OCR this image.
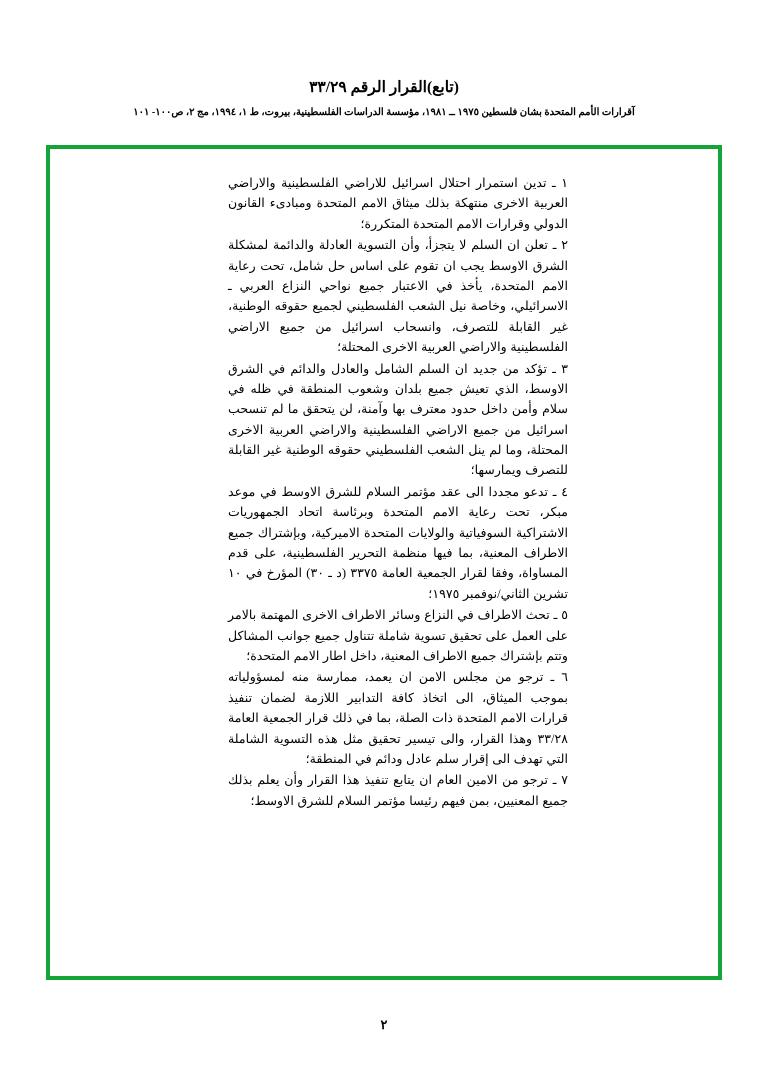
(تابع)القرار الرقم ٣٣/٢٩
آقرارات الأمم المتحدة بشان فلسطين ١٩٧٥ ــ ١٩٨١، مؤسسة الدراسات الفلسطينية، بيروت، ط ١، ١٩٩٤، مج ٢، ص١٠٠- ١٠١

١ ـ تدين استمرار احتلال اسرائيل للاراضي الفلسطينية والاراضي العربية الاخرى منتهكة بذلك ميثاق الامم المتحدة ومبادىء القانون الدولي وقرارات الامم المتحدة المتكررة؛

٢ ـ تعلن ان السلم لا يتجزأ، وأن التسوية العادلة والدائمة لمشكلة الشرق الاوسط يجب ان تقوم على اساس حل شامل، تحت رعاية الامم المتحدة، يأخذ في الاعتبار جميع نواحي النزاع العربي ـ الاسرائيلي، وخاصة نيل الشعب الفلسطيني لجميع حقوقه الوطنية، غير القابلة للتصرف، وانسحاب اسرائيل من جميع الاراضي الفلسطينية والاراضي العربية الاخرى المحتلة؛

٣ ـ تؤكد من جديد ان السلم الشامل والعادل والدائم في الشرق الاوسط، الذي تعيش جميع بلدان وشعوب المنطقة في ظله في سلام وأمن داخل حدود معترف بها وآمنة، لن يتحقق ما لم تنسحب اسرائيل من جميع الاراضي الفلسطينية والاراضي العربية الاخرى المحتلة، وما لم ينل الشعب الفلسطيني حقوقه الوطنية غير القابلة للتصرف ويمارسها؛

٤ ـ تدعو مجددا الى عقد مؤتمر السلام للشرق الاوسط في موعد مبكر، تحت رعاية الامم المتحدة وبرئاسة اتحاد الجمهوريات الاشتراكية السوفياتية والولايات المتحدة الاميركية، وبإشتراك جميع الاطراف المعنية، بما فيها منظمة التحرير الفلسطينية، على قدم المساواة، وفقا لقرار الجمعية العامة ٣٣٧٥ (د ـ ٣٠) المؤرخ في ١٠ تشرين الثاني/نوفمبر ١٩٧٥؛

٥ ـ تحث الاطراف في النزاع وسائر الاطراف الاخرى المهتمة بالامر على العمل على تحقيق تسوية شاملة تتناول جميع جوانب المشاكل وتتم بإشتراك جميع الاطراف المعنية، داخل اطار الامم المتحدة؛

٦ ـ ترجو من مجلس الامن ان يعمد، ممارسة منه لمسؤولياته بموجب الميثاق، الى اتخاذ كافة التدابير اللازمة لضمان تنفيذ قرارات الامم المتحدة ذات الصلة، بما في ذلك قرار الجمعية العامة ٣٣/٢٨ وهذا القرار، والى تيسير تحقيق مثل هذه التسوية الشاملة التي تهدف الى إقرار سلم عادل ودائم في المنطقة؛

٧ ـ ترجو من الامين العام ان يتابع تنفيذ هذا القرار وأن يعلم بذلك جميع المعنيين، بمن فيهم رئيسا مؤتمر السلام للشرق الاوسط؛

٢
